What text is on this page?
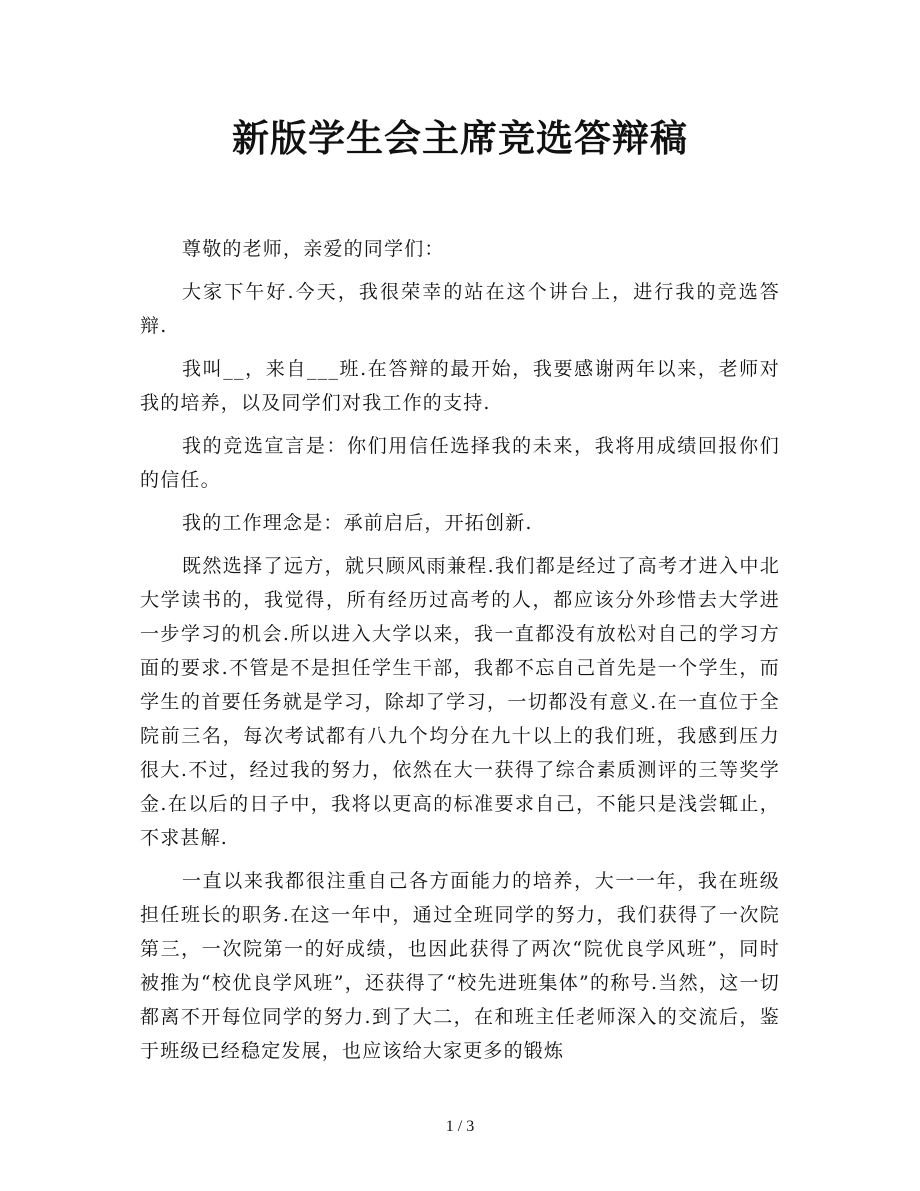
新版学生会主席竞选答辩稿

尊敬的老师，亲爱的同学们：

大家下午好.今天，我很荣幸的站在这个讲台上，进行我的竞选答辩.

我叫__，来自___班.在答辩的最开始，我要感谢两年以来，老师对我的培养，以及同学们对我工作的支持.

我的竞选宣言是：你们用信任选择我的未来，我将用成绩回报你们的信任。

我的工作理念是：承前启后，开拓创新.

既然选择了远方，就只顾风雨兼程.我们都是经过了高考才进入中北大学读书的，我觉得，所有经历过高考的人，都应该分外珍惜去大学进一步学习的机会.所以进入大学以来，我一直都没有放松对自己的学习方面的要求.不管是不是担任学生干部，我都不忘自己首先是一个学生，而学生的首要任务就是学习，除却了学习，一切都没有意义.在一直位于全院前三名，每次考试都有八九个均分在九十以上的我们班，我感到压力很大.不过，经过我的努力，依然在大一获得了综合素质测评的三等奖学金.在以后的日子中，我将以更高的标准要求自己，不能只是浅尝辄止，不求甚解.

一直以来我都很注重自己各方面能力的培养，大一一年，我在班级担任班长的职务.在这一年中，通过全班同学的努力，我们获得了一次院第三，一次院第一的好成绩，也因此获得了两次“院优良学风班”，同时被推为“校优良学风班”，还获得了“校先进班集体”的称号.当然，这一切都离不开每位同学的努力.到了大二，在和班主任老师深入的交流后，鉴于班级已经稳定发展，也应该给大家更多的锻炼

1 / 3
